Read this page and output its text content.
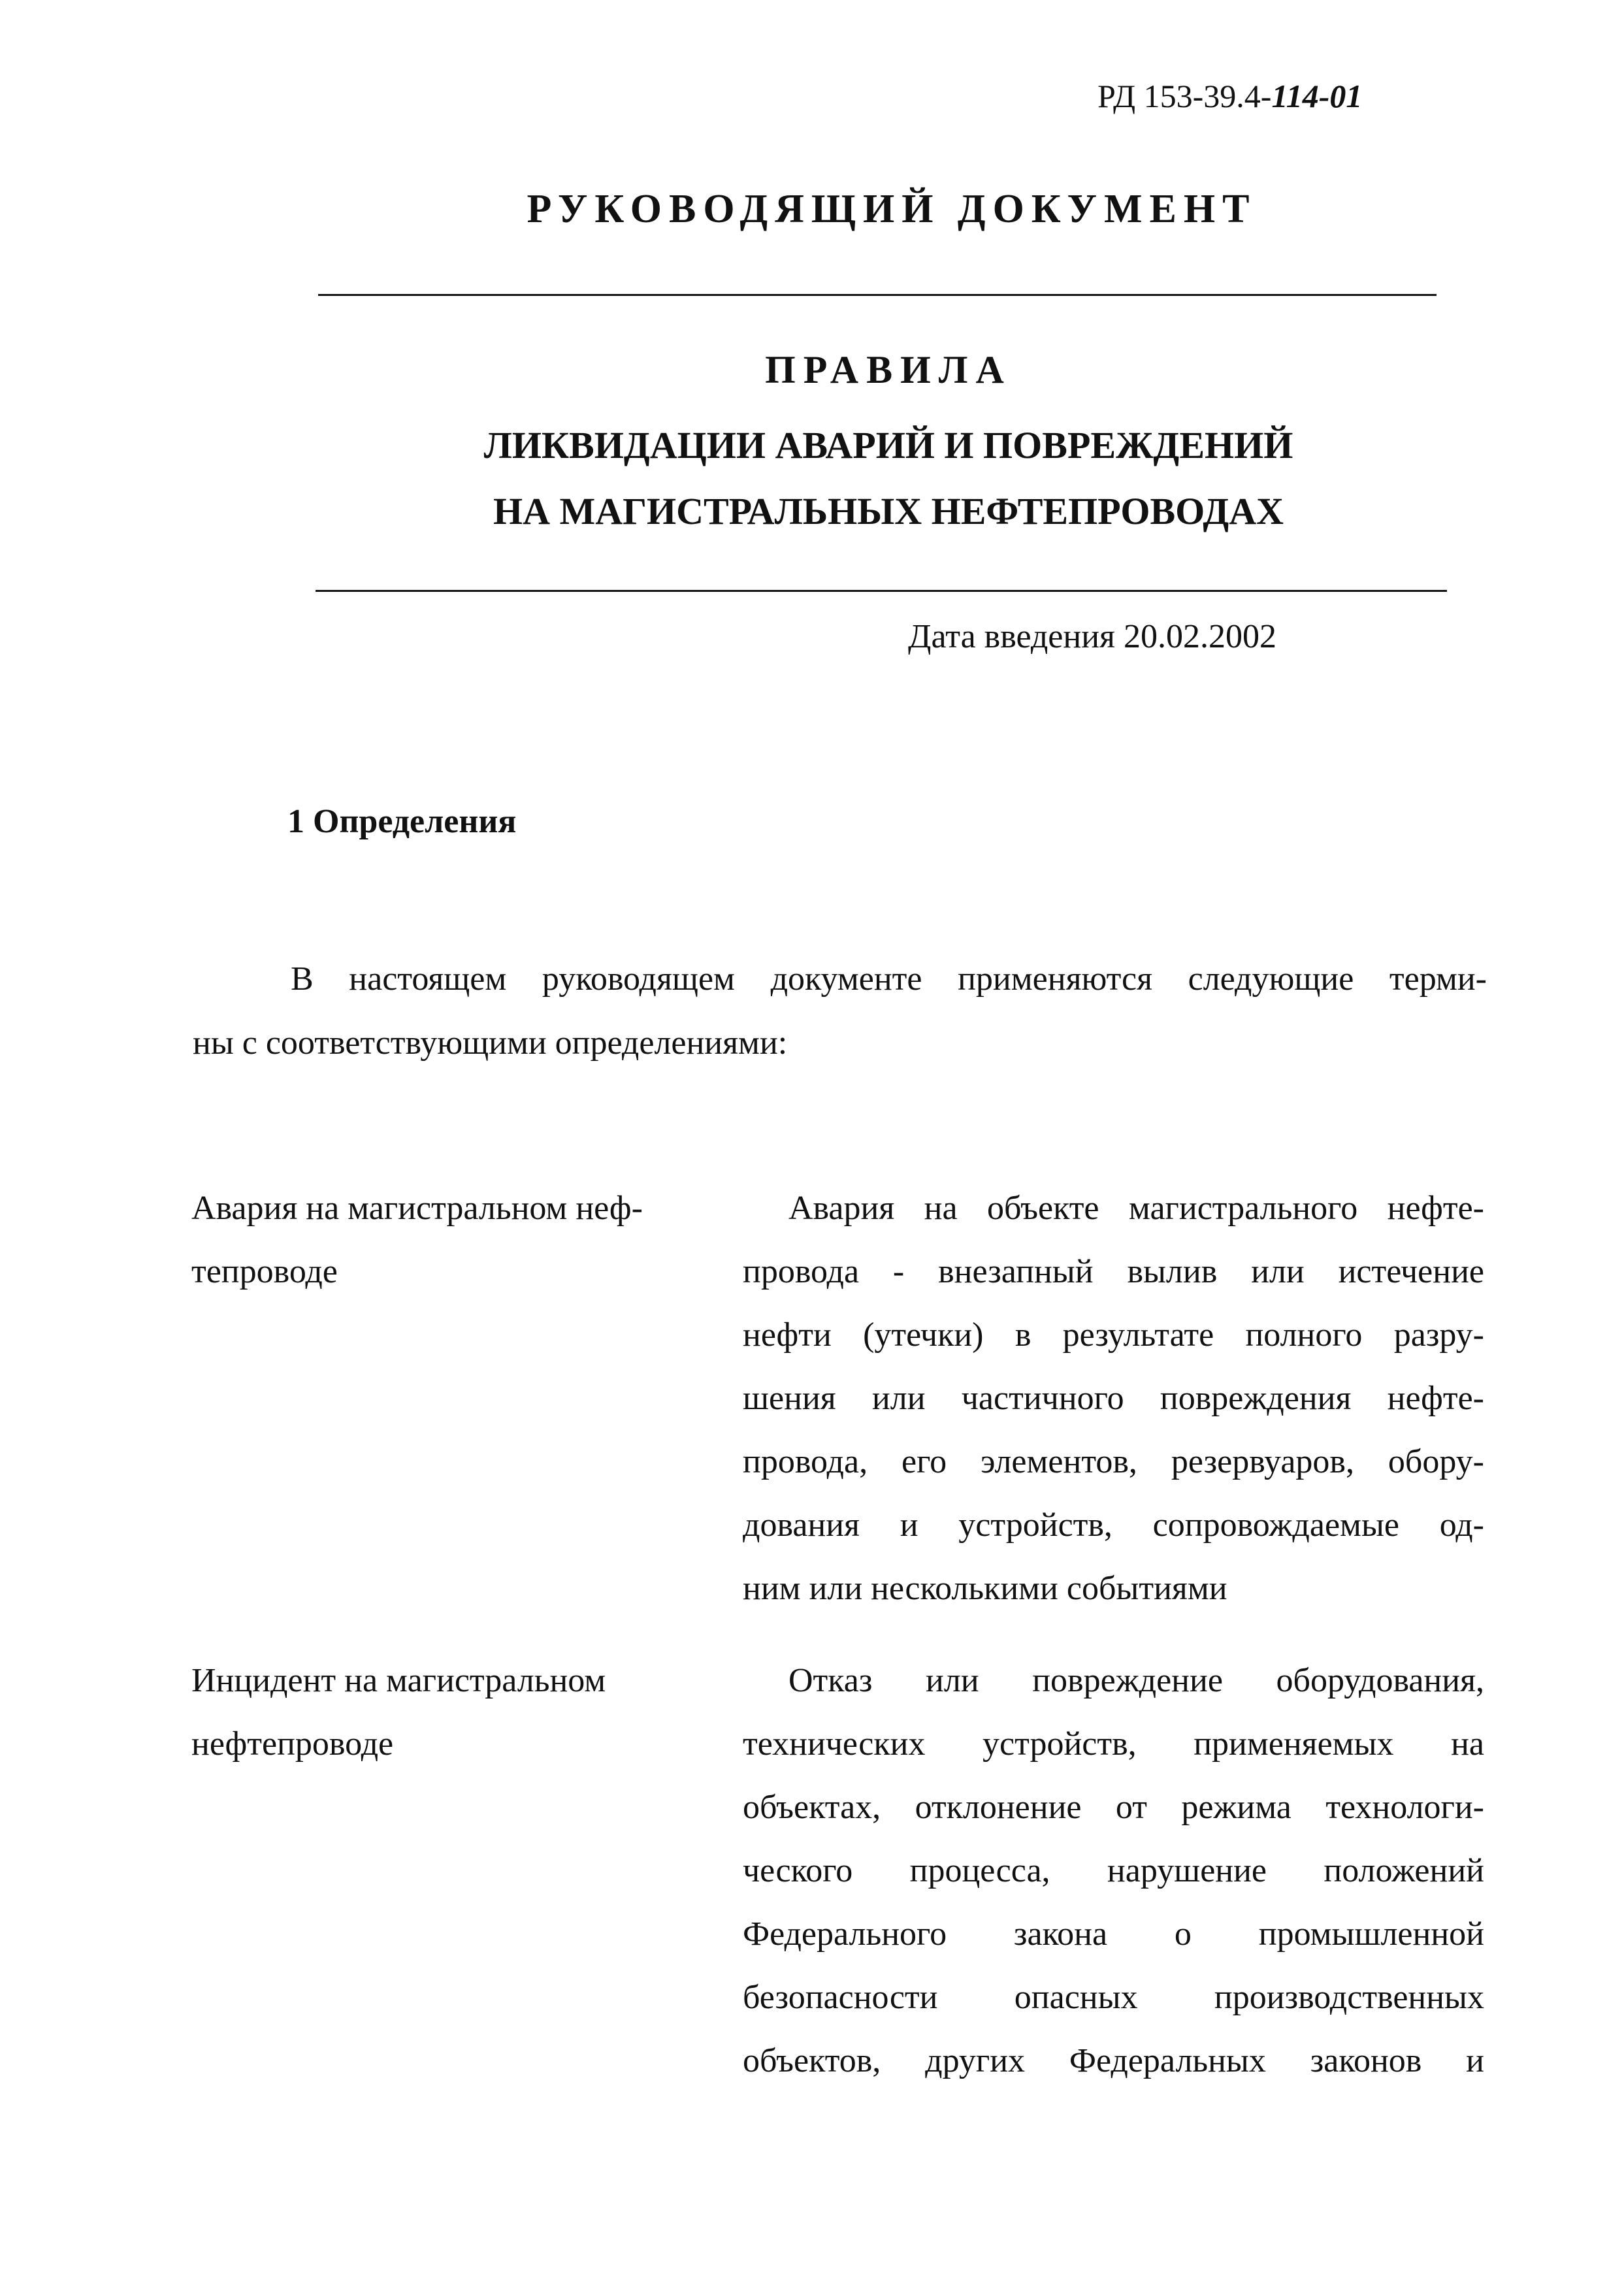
РД 153-39.4-114-01
РУКОВОДЯЩИЙ ДОКУМЕНТ
ПРАВИЛА
ЛИКВИДАЦИИ АВАРИЙ И ПОВРЕЖДЕНИЙ
НА МАГИСТРАЛЬНЫХ НЕФТЕПРОВОДАХ
Дата введения 20.02.2002
1 Определения
В настоящем руководящем документе применяются следующие терми-
ны с соответствующими определениями:
Авария на магистральном неф-
тепроводе
Авария на объекте магистрального нефте-
провода - внезапный вылив или истечение
нефти (утечки) в результате полного разру-
шения или частичного повреждения нефте-
провода, его элементов, резервуаров, обору-
дования и устройств, сопровождаемые од-
ним или несколькими событиями
Инцидент на магистральном
нефтепроводе
Отказ или повреждение оборудования,
технических устройств, применяемых на
объектах, отклонение от режима технологи-
ческого процесса, нарушение положений
Федерального закона о промышленной
безопасности опасных производственных
объектов, других Федеральных законов и
